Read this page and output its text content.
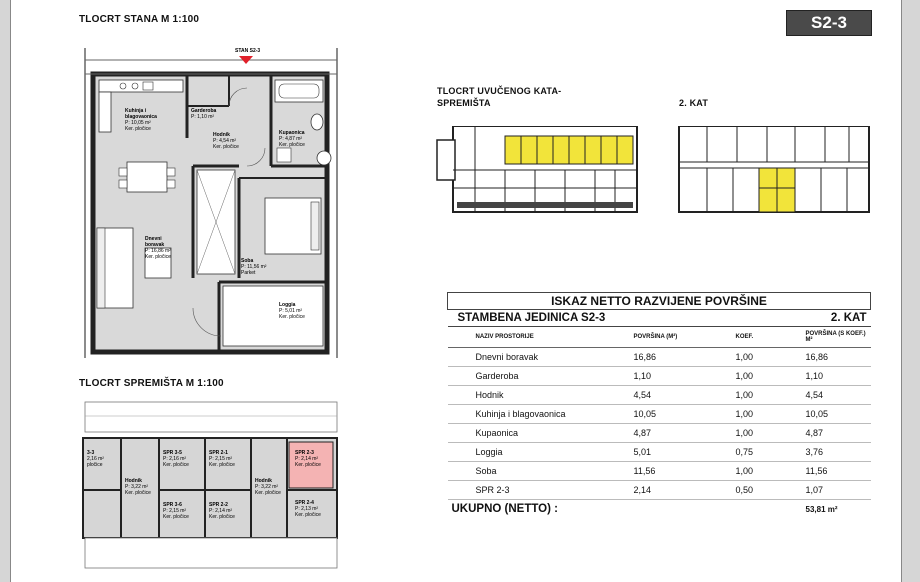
TLOCRT STANA M 1:100	S2-3
STAN S2-3
Kuhinja i
blagovaonica
P: 10,05 m²
Ker. pločice
Garderoba
P: 1,10 m²
Hodnik
P: 4,54 m²
Ker. pločice
Kupaonica
P: 4,87 m²
Ker. pločice
Dnevni
boravak
P: 16,86 m²
Ker. pločice
Soba
P: 11,56 m²
Parket
Loggia
P: 5,01 m²
Ker. pločice
TLOCRT SPREMIŠTA M 1:100
3-3
2,16 m²
pločice
SPR 3-5
P: 2,16 m²
Ker. pločice
SPR 2-1
P: 2,15 m²
Ker. pločice
SPR 2-3
P: 2,14 m²
Ker. pločice
Hodnik
P: 3,22 m²
Ker. pločice
Hodnik
P: 3,22 m²
Ker. pločice
SPR 3-6
P: 2,15 m²
Ker. pločice
SPR 2-2
P: 2,14 m²
Ker. pločice
SPR 2-4
P: 2,13 m²
Ker. pločice
TLOCRT UVUČENOG KATA-
SPREMIŠTA	2. KAT
ISKAZ NETTO RAZVIJENE POVRŠINE			
STAMBENA JEDINICA S2-3			2. KAT
NAZIV PROSTORIJE	POVRŠINA (M²)	KOEF.	POVRŠINA (S KOEF.) M²
Dnevni boravak	16,86	1,00	16,86
Garderoba	1,10	1,00	1,10
Hodnik	4,54	1,00	4,54
Kuhinja i blagovaonica	10,05	1,00	10,05
Kupaonica	4,87	1,00	4,87
Loggia	5,01	0,75	3,76
Soba	11,56	1,00	11,56
SPR 2-3	2,14	0,50	1,07
UKUPNO (NETTO) :			53,81 m²
